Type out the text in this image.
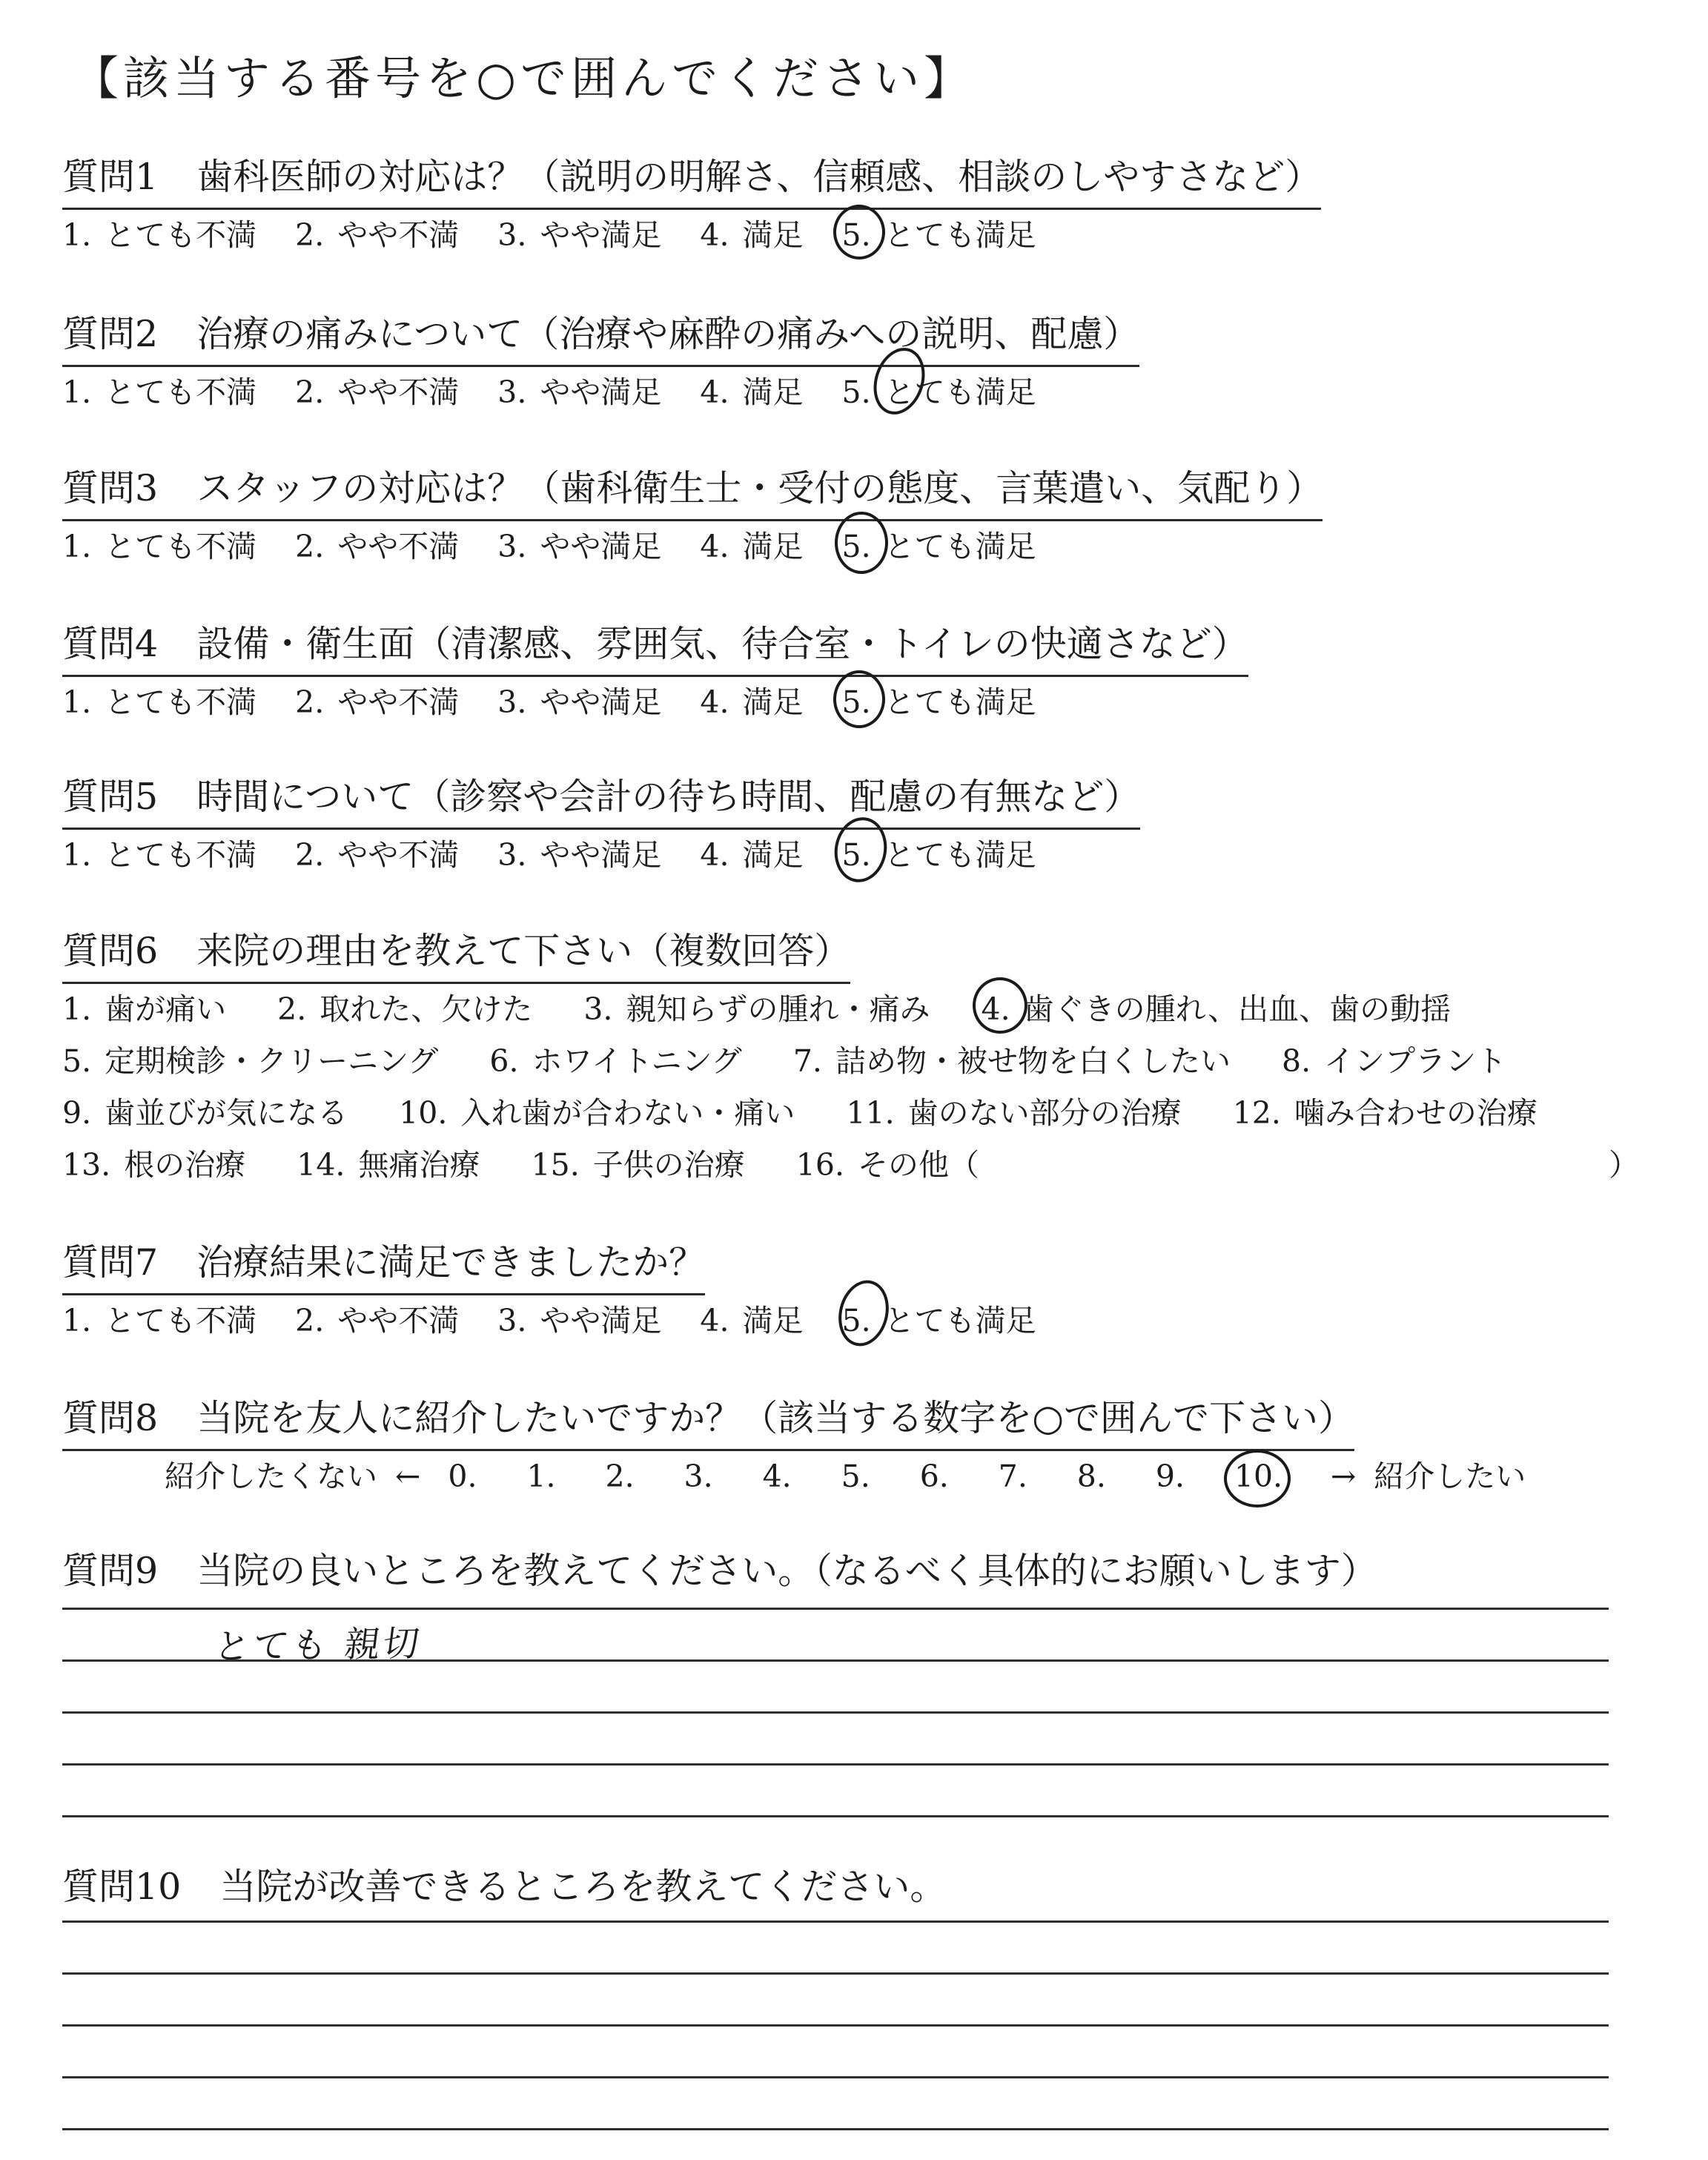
【該当する番号を○で囲んでください】
質問1 歯科医師の対応は？（説明の明解さ、信頼感、相談のしやすさなど）
1. とても不満 2. やや不満 3. やや満足 4. 満足 5. とても満足
質問2 治療の痛みについて（治療や麻酔の痛みへの説明、配慮）
1. とても不満 2. やや不満 3. やや満足 4. 満足 5. とても満足
質問3 スタッフの対応は？（歯科衛生士・受付の態度、言葉遣い、気配り）
1. とても不満 2. やや不満 3. やや満足 4. 満足 5. とても満足
質問4 設備・衛生面（清潔感、雰囲気、待合室・トイレの快適さなど）
1. とても不満 2. やや不満 3. やや満足 4. 満足 5. とても満足
質問5 時間について（診察や会計の待ち時間、配慮の有無など）
1. とても不満 2. やや不満 3. やや満足 4. 満足 5. とても満足
質問6 来院の理由を教えて下さい（複数回答）
1. 歯が痛い 2. 取れた、欠けた 3. 親知らずの腫れ・痛み 4. 歯ぐきの腫れ、出血、歯の動揺
5. 定期検診・クリーニング 6. ホワイトニング 7. 詰め物・被せ物を白くしたい 8. インプラント
9. 歯並びが気になる 10. 入れ歯が合わない・痛い 11. 歯のない部分の治療 12. 噛み合わせの治療
13. 根の治療 14. 無痛治療 15. 子供の治療 16. その他（	）
質問7 治療結果に満足できましたか？
1. とても不満 2. やや不満 3. やや満足 4. 満足 5. とても満足
質問8 当院を友人に紹介したいですか？（該当する数字を○で囲んで下さい）
紹介したくない ← 0. 1. 2. 3. 4. 5. 6. 7. 8. 9. 10. → 紹介したい
質問9 当院の良いところを教えてください。（なるべく具体的にお願いします）
とても 親切
質問10 当院が改善できるところを教えてください。
